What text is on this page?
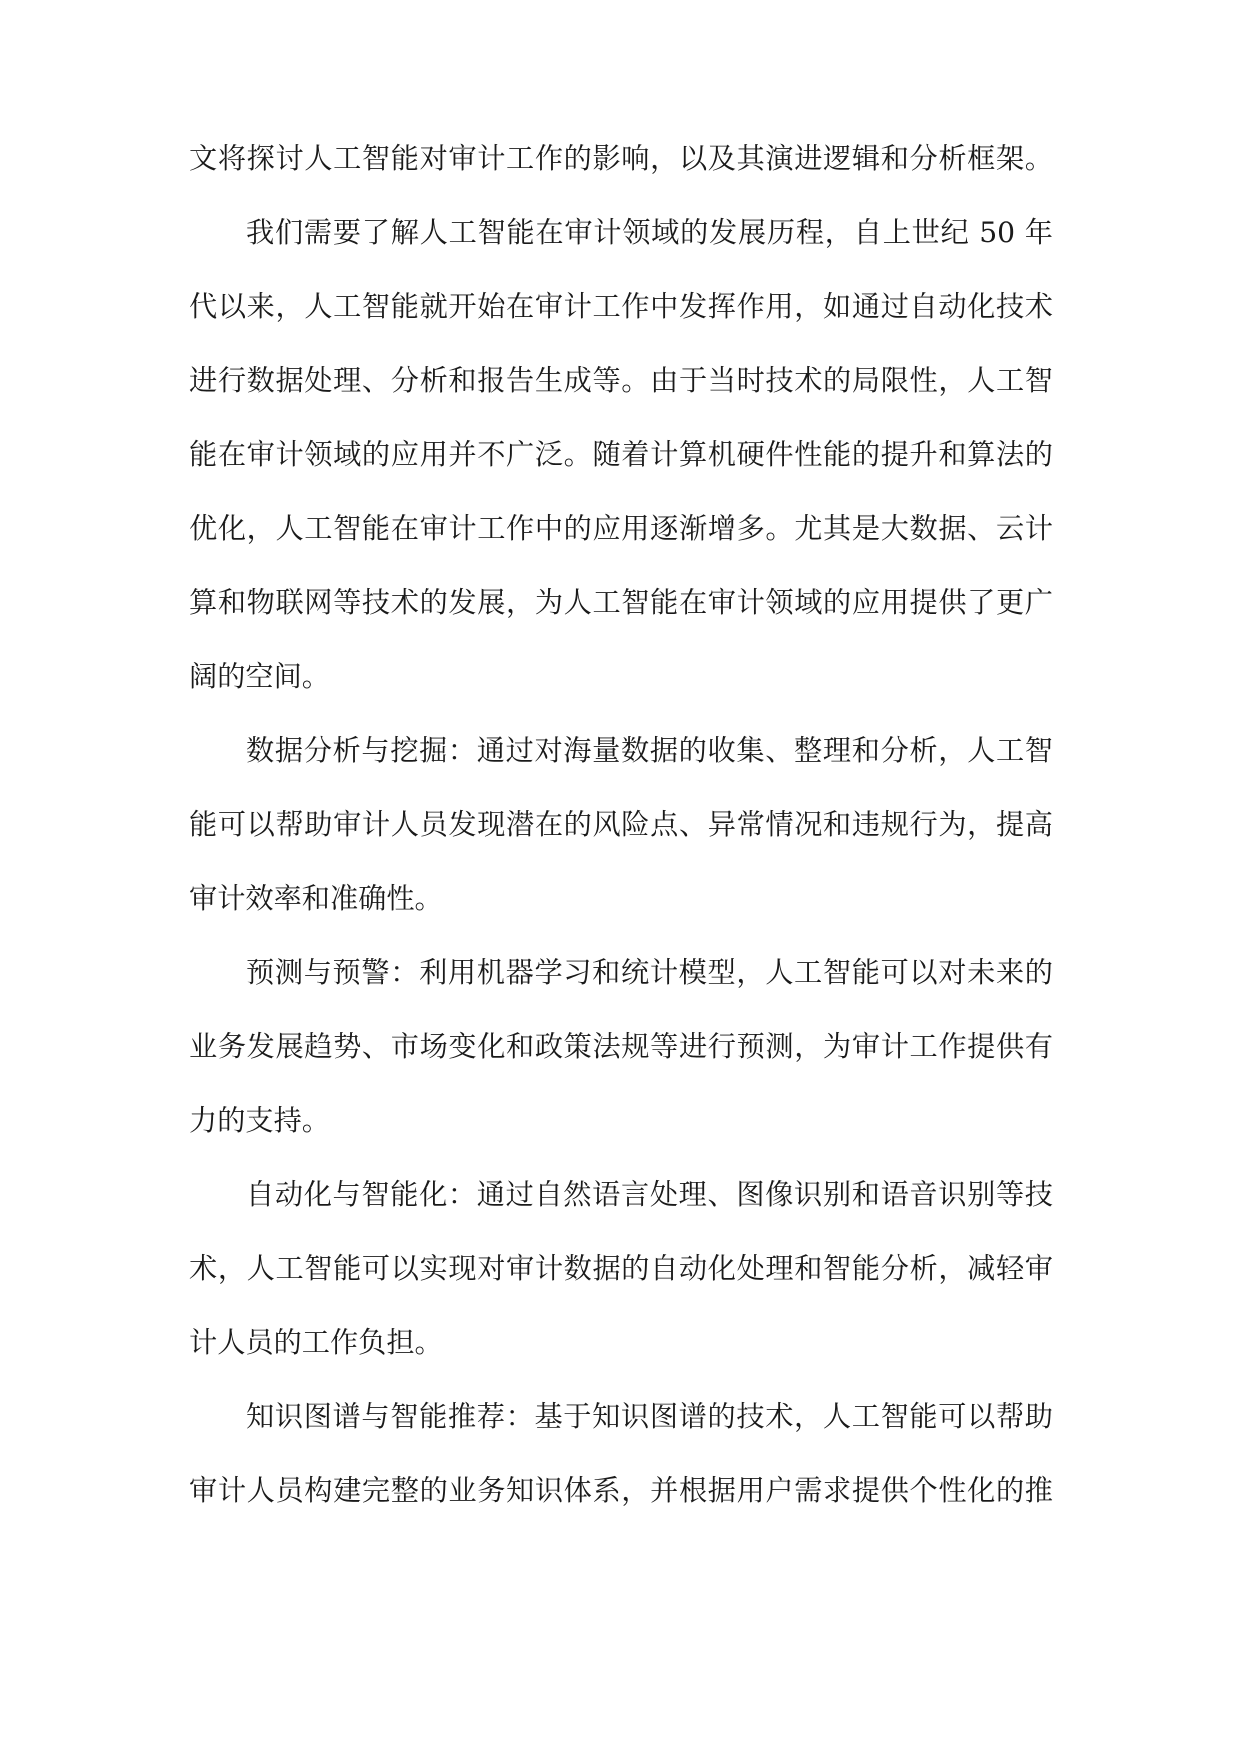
文将探讨人工智能对审计工作的影响，以及其演进逻辑和分析框架。
我们需要了解人工智能在审计领域的发展历程，自上世纪 50 年
代以来，人工智能就开始在审计工作中发挥作用，如通过自动化技术
进行数据处理、分析和报告生成等。由于当时技术的局限性，人工智
能在审计领域的应用并不广泛。随着计算机硬件性能的提升和算法的
优化，人工智能在审计工作中的应用逐渐增多。尤其是大数据、云计
算和物联网等技术的发展，为人工智能在审计领域的应用提供了更广
阔的空间。
数据分析与挖掘：通过对海量数据的收集、整理和分析，人工智
能可以帮助审计人员发现潜在的风险点、异常情况和违规行为，提高
审计效率和准确性。
预测与预警：利用机器学习和统计模型，人工智能可以对未来的
业务发展趋势、市场变化和政策法规等进行预测，为审计工作提供有
力的支持。
自动化与智能化：通过自然语言处理、图像识别和语音识别等技
术，人工智能可以实现对审计数据的自动化处理和智能分析，减轻审
计人员的工作负担。
知识图谱与智能推荐：基于知识图谱的技术，人工智能可以帮助
审计人员构建完整的业务知识体系，并根据用户需求提供个性化的推
